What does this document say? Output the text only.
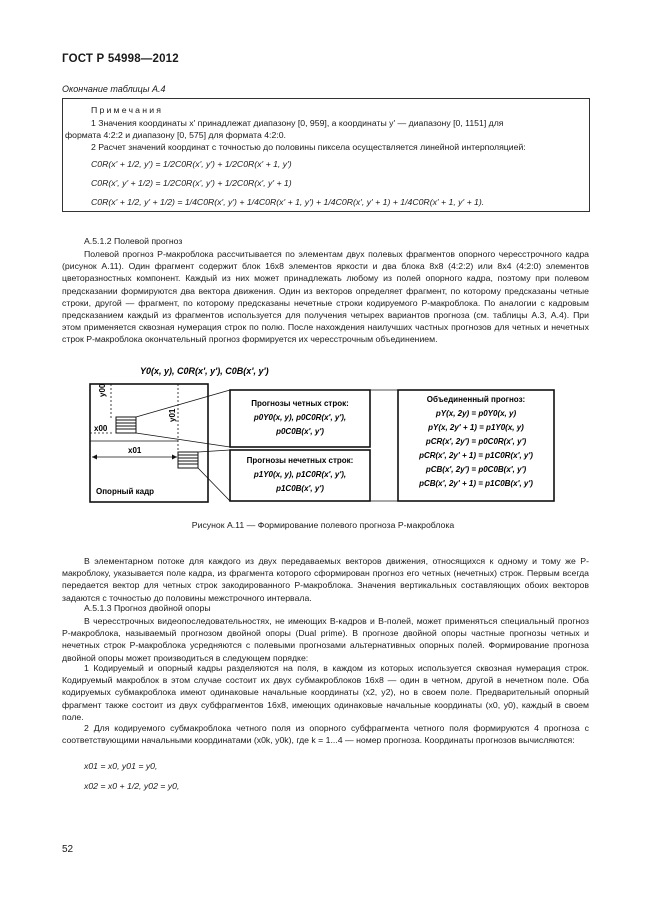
ГОСТ Р 54998—2012
Окончание таблицы А.4
Примечания
1 Значения координаты x' принадлежат диапазону [0, 959], а координаты y' — диапазону [0, 1151] для
формата 4:2:2 и диапазону [0, 575] для формата 4:2:0.
2 Расчет значений координат с точностью до половины пиксела осуществляется линейной интерполяцией:
C0R(x' + 1/2, y') = 1/2C0R(x', y') + 1/2C0R(x' + 1, y')
C0R(x', y' + 1/2) = 1/2C0R(x', y') + 1/2C0R(x', y' + 1)
C0R(x' + 1/2, y' + 1/2) = 1/4C0R(x', y') + 1/4C0R(x' + 1, y') + 1/4C0R(x', y' + 1) + 1/4C0R(x' + 1, y' + 1).
А.5.1.2 Полевой прогноз
Полевой прогноз P-макроблока рассчитывается по элементам двух полевых фрагментов опорного чересстрочного кадра (рисунок А.11). Один фрагмент содержит блок 16x8 элементов яркости и два блока 8x8 (4:2:2) или 8x4 (4:2:0) элементов цветоразностных компонент. Каждый из них может принадлежать любому из полей опорного кадра, поэтому при полевом предсказании формируются два вектора движения. Один из векторов определяет фрагмент, по которому предсказаны четные строки, другой — фрагмент, по которому предсказаны нечетные строки кодируемого P-макроблока. По аналогии с кадровым предсказанием каждый из фрагментов используется для получения четырех вариантов прогноза (см. таблицы А.3, А.4). При этом применяется сквозная нумерация строк по полю. После нахождения наилучших частных прогнозов для четных и нечетных строк P-макроблока окончательный прогноз формируется их чересстрочным объединением.
Y0(x, y), C0R(x', y'), C0B(x', y')
y00
x00
y01
x01
Прогнозы четных строк:
p0Y0(x, y), p0C0R(x', y'),
p0C0B(x', y')
Прогнозы нечетных строк:
p1Y0(x, y), p1C0R(x', y'),
p1C0B(x', y')
Объединенный прогноз:
pY(x, 2y) = p0Y0(x, y)
pY(x, 2y' + 1) = p1Y0(x, y)
pCR(x', 2y') = p0C0R(x', y')
pCR(x', 2y' + 1) = p1C0R(x', y')
pCB(x', 2y') = p0C0B(x', y')
pCB(x', 2y' + 1) = p1C0B(x', y')
Опорный кадр
Рисунок А.11 — Формирование полевого прогноза P-макроблока
В элементарном потоке для каждого из двух передаваемых векторов движения, относящихся к одному и тому же P-макроблоку, указывается поле кадра, из фрагмента которого сформирован прогноз его четных (нечетных) строк. Первым всегда передается вектор для четных строк закодированного P-макроблока. Значения вертикальных составляющих обоих векторов задаются с точностью до половины межстрочного интервала.
А.5.1.3 Прогноз двойной опоры
В чересстрочных видеопоследовательностях, не имеющих B-кадров и B-полей, может применяться специальный прогноз P-макроблока, называемый прогнозом двойной опоры (Dual prime). В прогнозе двойной опоры частные прогнозы четных и нечетных строк P-макроблока усредняются с полевыми прогнозами альтернативных опорных полей. Формирование прогноза двойной опоры может производиться в следующем порядке:
1 Кодируемый и опорный кадры разделяются на поля, в каждом из которых используется сквозная нумерация строк. Кодируемый макроблок в этом случае состоит их двух субмакроблоков 16x8 — один в четном, другой в нечетном поле. Оба кодируемых субмакроблока имеют одинаковые начальные координаты (x2, y2), но в своем поле. Предварительный опорный фрагмент также состоит из двух субфрагментов 16x8, имеющих одинаковые начальные координаты (x0, y0), каждый в своем поле.
2 Для кодируемого субмакроблока четного поля из опорного субфрагмента четного поля формируются 4 прогноза с соответствующими начальными координатами (x0k, y0k), где k = 1...4 — номер прогноза. Координаты прогнозов вычисляются:
x01 = x0, y01 = y0,
x02 = x0 + 1/2, y02 = y0,
52
